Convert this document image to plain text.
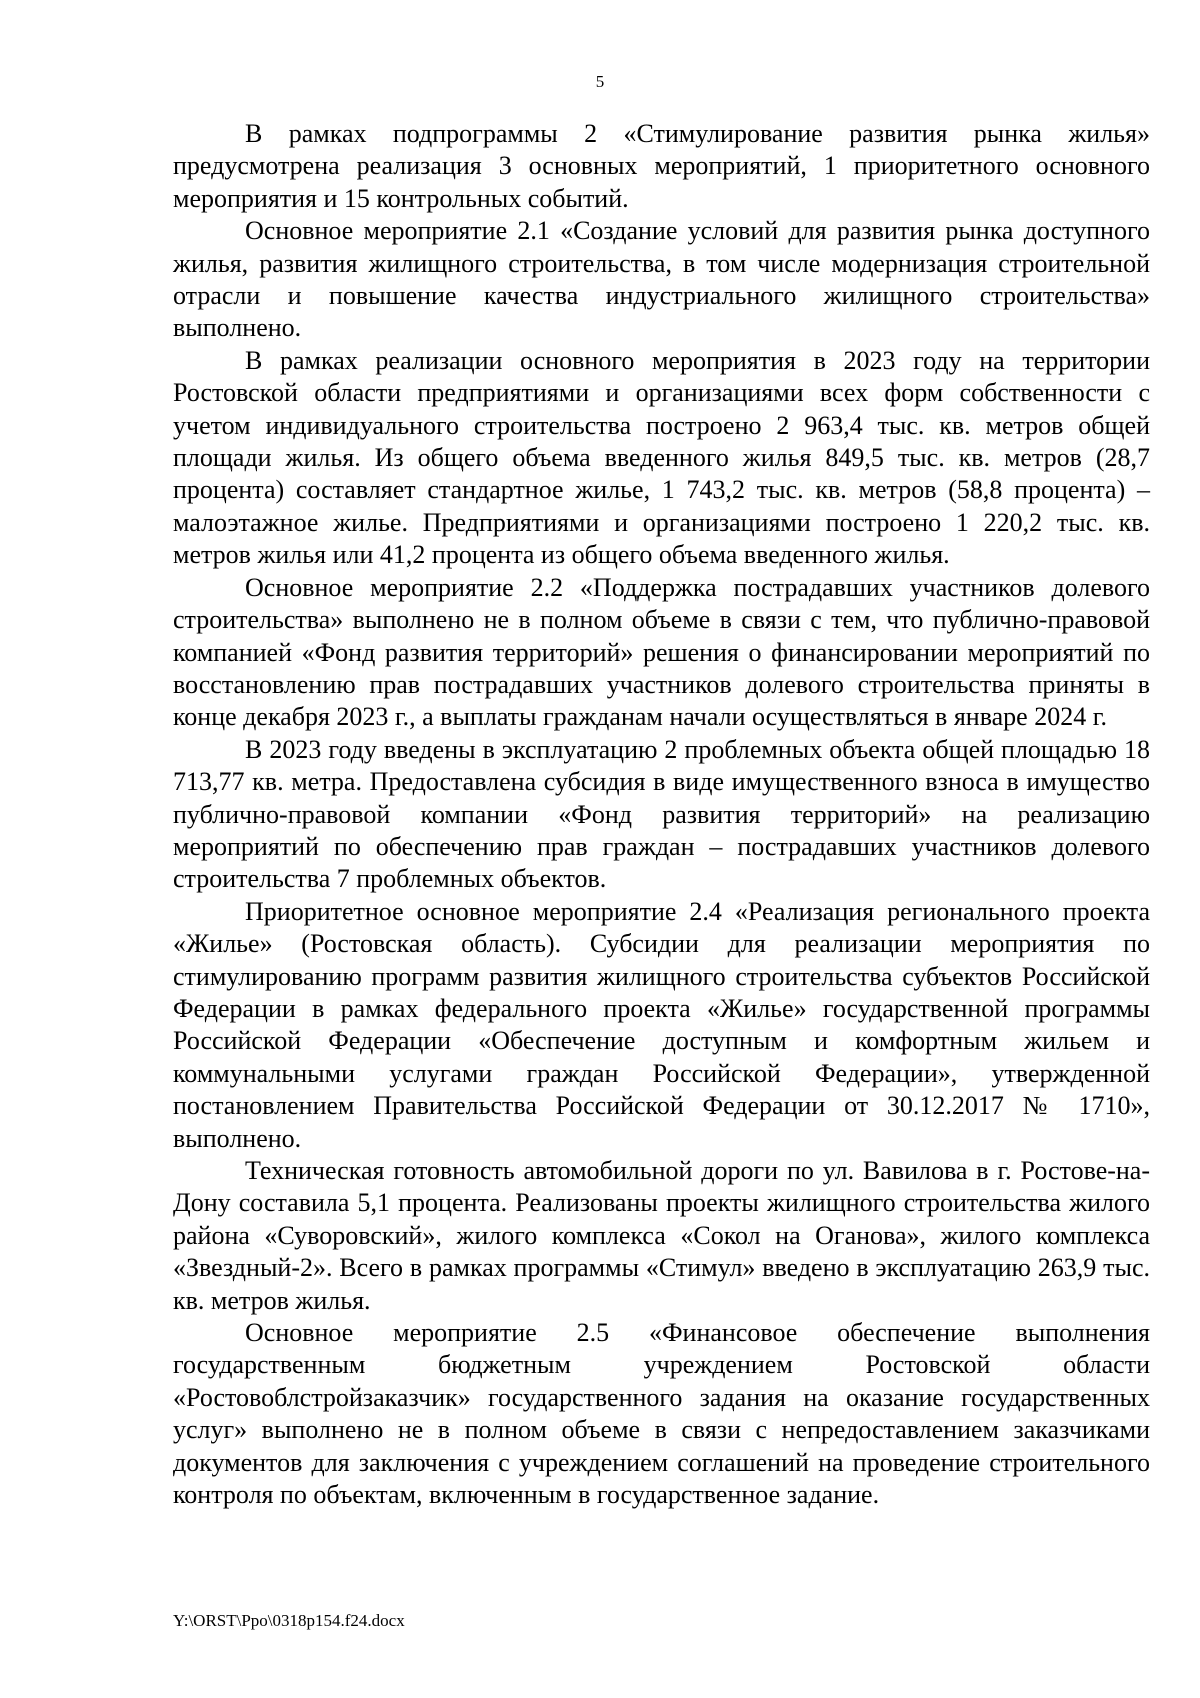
5

В рамках подпрограммы 2 «Стимулирование развития рынка жилья» предусмотрена реализация 3 основных мероприятий, 1 приоритетного основного мероприятия и 15 контрольных событий.

Основное мероприятие 2.1 «Создание условий для развития рынка доступного жилья, развития жилищного строительства, в том числе модернизация строительной отрасли и повышение качества индустриального жилищного строительства» выполнено.

В рамках реализации основного мероприятия в 2023 году на территории Ростовской области предприятиями и организациями всех форм собственности с учетом индивидуального строительства построено 2 963,4 тыс. кв. метров общей площади жилья. Из общего объема введенного жилья 849,5 тыс. кв. метров (28,7 процента) составляет стандартное жилье, 1 743,2 тыс. кв. метров (58,8 процента) – малоэтажное жилье. Предприятиями и организациями построено 1 220,2 тыс. кв. метров жилья или 41,2 процента из общего объема введенного жилья.

Основное мероприятие 2.2 «Поддержка пострадавших участников долевого строительства» выполнено не в полном объеме в связи с тем, что публично-правовой компанией «Фонд развития территорий» решения о финансировании мероприятий по восстановлению прав пострадавших участников долевого строительства приняты в конце декабря 2023 г., а выплаты гражданам начали осуществляться в январе 2024 г.

В 2023 году введены в эксплуатацию 2 проблемных объекта общей площадью 18 713,77 кв. метра. Предоставлена субсидия в виде имущественного взноса в имущество публично-правовой компании «Фонд развития территорий» на реализацию мероприятий по обеспечению прав граждан – пострадавших участников долевого строительства 7 проблемных объектов.

Приоритетное основное мероприятие 2.4 «Реализация регионального проекта «Жилье» (Ростовская область). Субсидии для реализации мероприятия по стимулированию программ развития жилищного строительства субъектов Российской Федерации в рамках федерального проекта «Жилье» государственной программы Российской Федерации «Обеспечение доступным и комфортным жильем и коммунальными услугами граждан Российской Федерации», утвержденной постановлением Правительства Российской Федерации от 30.12.2017 № 1710», выполнено.

Техническая готовность автомобильной дороги по ул. Вавилова в г. Ростове-на-Дону составила 5,1 процента. Реализованы проекты жилищного строительства жилого района «Суворовский», жилого комплекса «Сокол на Оганова», жилого комплекса «Звездный-2». Всего в рамках программы «Стимул» введено в эксплуатацию 263,9 тыс. кв. метров жилья.

Основное мероприятие 2.5 «Финансовое обеспечение выполнения государственным бюджетным учреждением Ростовской области «Ростовоблстройзаказчик» государственного задания на оказание государственных услуг» выполнено не в полном объеме в связи с непредоставлением заказчиками документов для заключения с учреждением соглашений на проведение строительного контроля по объектам, включенным в государственное задание.

Y:\ORST\Ppo\0318p154.f24.docx
